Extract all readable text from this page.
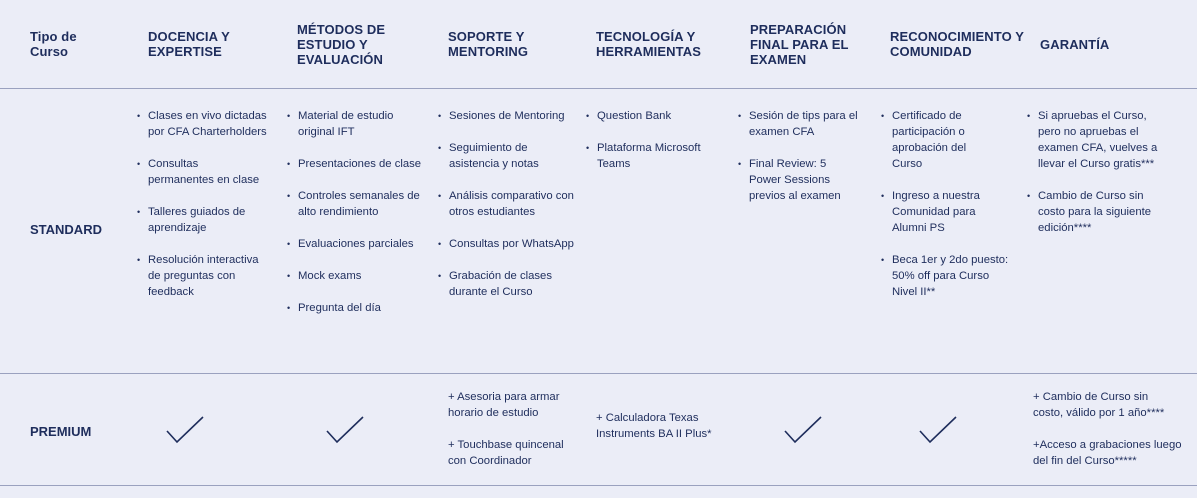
Tipo de Curso
DOCENCIA Y EXPERTISE
MÉTODOS DE ESTUDIO Y EVALUACIÓN
SOPORTE Y MENTORING
TECNOLOGÍA Y HERRAMIENTAS
PREPARACIÓN FINAL PARA EL EXAMEN
RECONOCIMIENTO Y COMUNIDAD	GARANTÍA
STANDARD
• Clases en vivo dictadas por CFA Charterholders
• Consultas permanentes en clase
• Talleres guiados de aprendizaje
• Resolución interactiva de preguntas con feedback
• Material de estudio original IFT
• Presentaciones de clase
• Controles semanales de alto rendimiento
• Evaluaciones parciales
• Mock exams
• Pregunta del día
• Sesiones de Mentoring
• Seguimiento de asistencia y notas
• Análisis comparativo con otros estudiantes
• Consultas por WhatsApp
• Grabación de clases durante el Curso
• Question Bank
• Plataforma Microsoft Teams
• Sesión de tips para el examen CFA
• Final Review: 5 Power Sessions previos al examen
• Certificado de participación o aprobación del Curso
• Ingreso a nuestra Comunidad para Alumni PS
• Beca 1er y 2do puesto: 50% off para Curso Nivel II**
• Si apruebas el Curso, pero no apruebas el examen CFA, vuelves a llevar el Curso gratis***
• Cambio de Curso sin costo para la siguiente edición****
PREMIUM

+ Asesoria para armar horario de estudio

+ Touchbase quincenal con Coordinador

+ Calculadora Texas Instruments BA II Plus*

+ Cambio de Curso sin costo, válido por 1 año****

+Acceso a grabaciones luego del fin del Curso*****
